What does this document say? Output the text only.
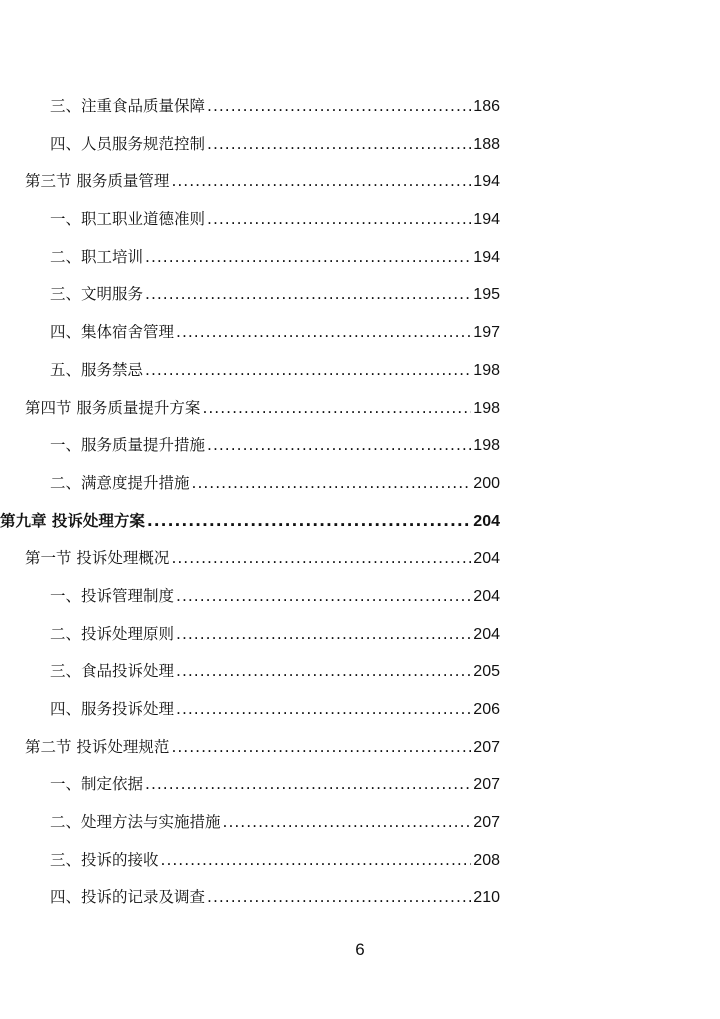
三、注重食品质量保障 .....	186
四、人员服务规范控制 .....	188
第三节 服务质量管理 .....	194
一、职工职业道德准则 .....	194
二、职工培训 .....	194
三、文明服务 .....	195
四、集体宿舍管理 .....	197
五、服务禁忌 .....	198
第四节 服务质量提升方案 .....	198
一、服务质量提升措施 .....	198
二、满意度提升措施 .....	200
第九章 投诉处理方案 .....	204
第一节 投诉处理概况 .....	204
一、投诉管理制度 .....	204
二、投诉处理原则 .....	204
三、食品投诉处理 .....	205
四、服务投诉处理 .....	206
第二节 投诉处理规范 .....	207
一、制定依据 .....	207
二、处理方法与实施措施 .....	207
三、投诉的接收 .....	208
四、投诉的记录及调查 .....	210
6
